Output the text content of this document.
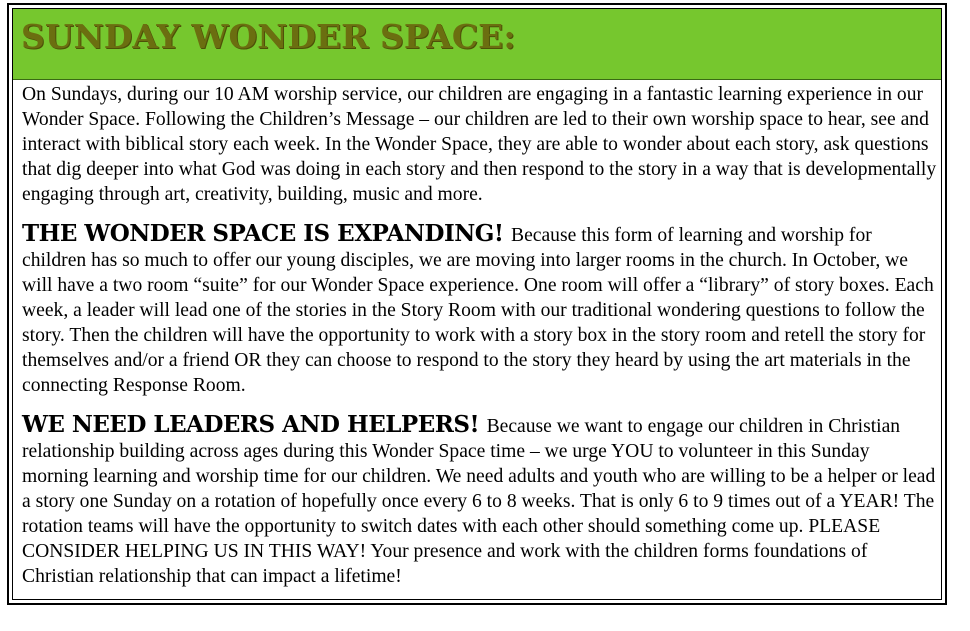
SUNDAY WONDER SPACE:

On Sundays, during our 10 AM worship service, our children are engaging in a fantastic learning experience in our Wonder Space. Following the Children’s Message – our children are led to their own worship space to hear, see and interact with biblical story each week. In the Wonder Space, they are able to wonder about each story, ask questions that dig deeper into what God was doing in each story and then respond to the story in a way that is developmentally engaging through art, creativity, building, music and more.

THE WONDER SPACE IS EXPANDING! Because this form of learning and worship for children has so much to offer our young disciples, we are moving into larger rooms in the church. In October, we will have a two room “suite” for our Wonder Space experience. One room will offer a “library” of story boxes. Each week, a leader will lead one of the stories in the Story Room with our traditional wondering questions to follow the story. Then the children will have the opportunity to work with a story box in the story room and retell the story for themselves and/or a friend OR they can choose to respond to the story they heard by using the art materials in the connecting Response Room.

WE NEED LEADERS AND HELPERS! Because we want to engage our children in Christian relationship building across ages during this Wonder Space time – we urge YOU to volunteer in this Sunday morning learning and worship time for our children. We need adults and youth who are willing to be a helper or lead a story one Sunday on a rotation of hopefully once every 6 to 8 weeks. That is only 6 to 9 times out of a YEAR! The rotation teams will have the opportunity to switch dates with each other should something come up. PLEASE CONSIDER HELPING US IN THIS WAY! Your presence and work with the children forms foundations of Christian relationship that can impact a lifetime!
